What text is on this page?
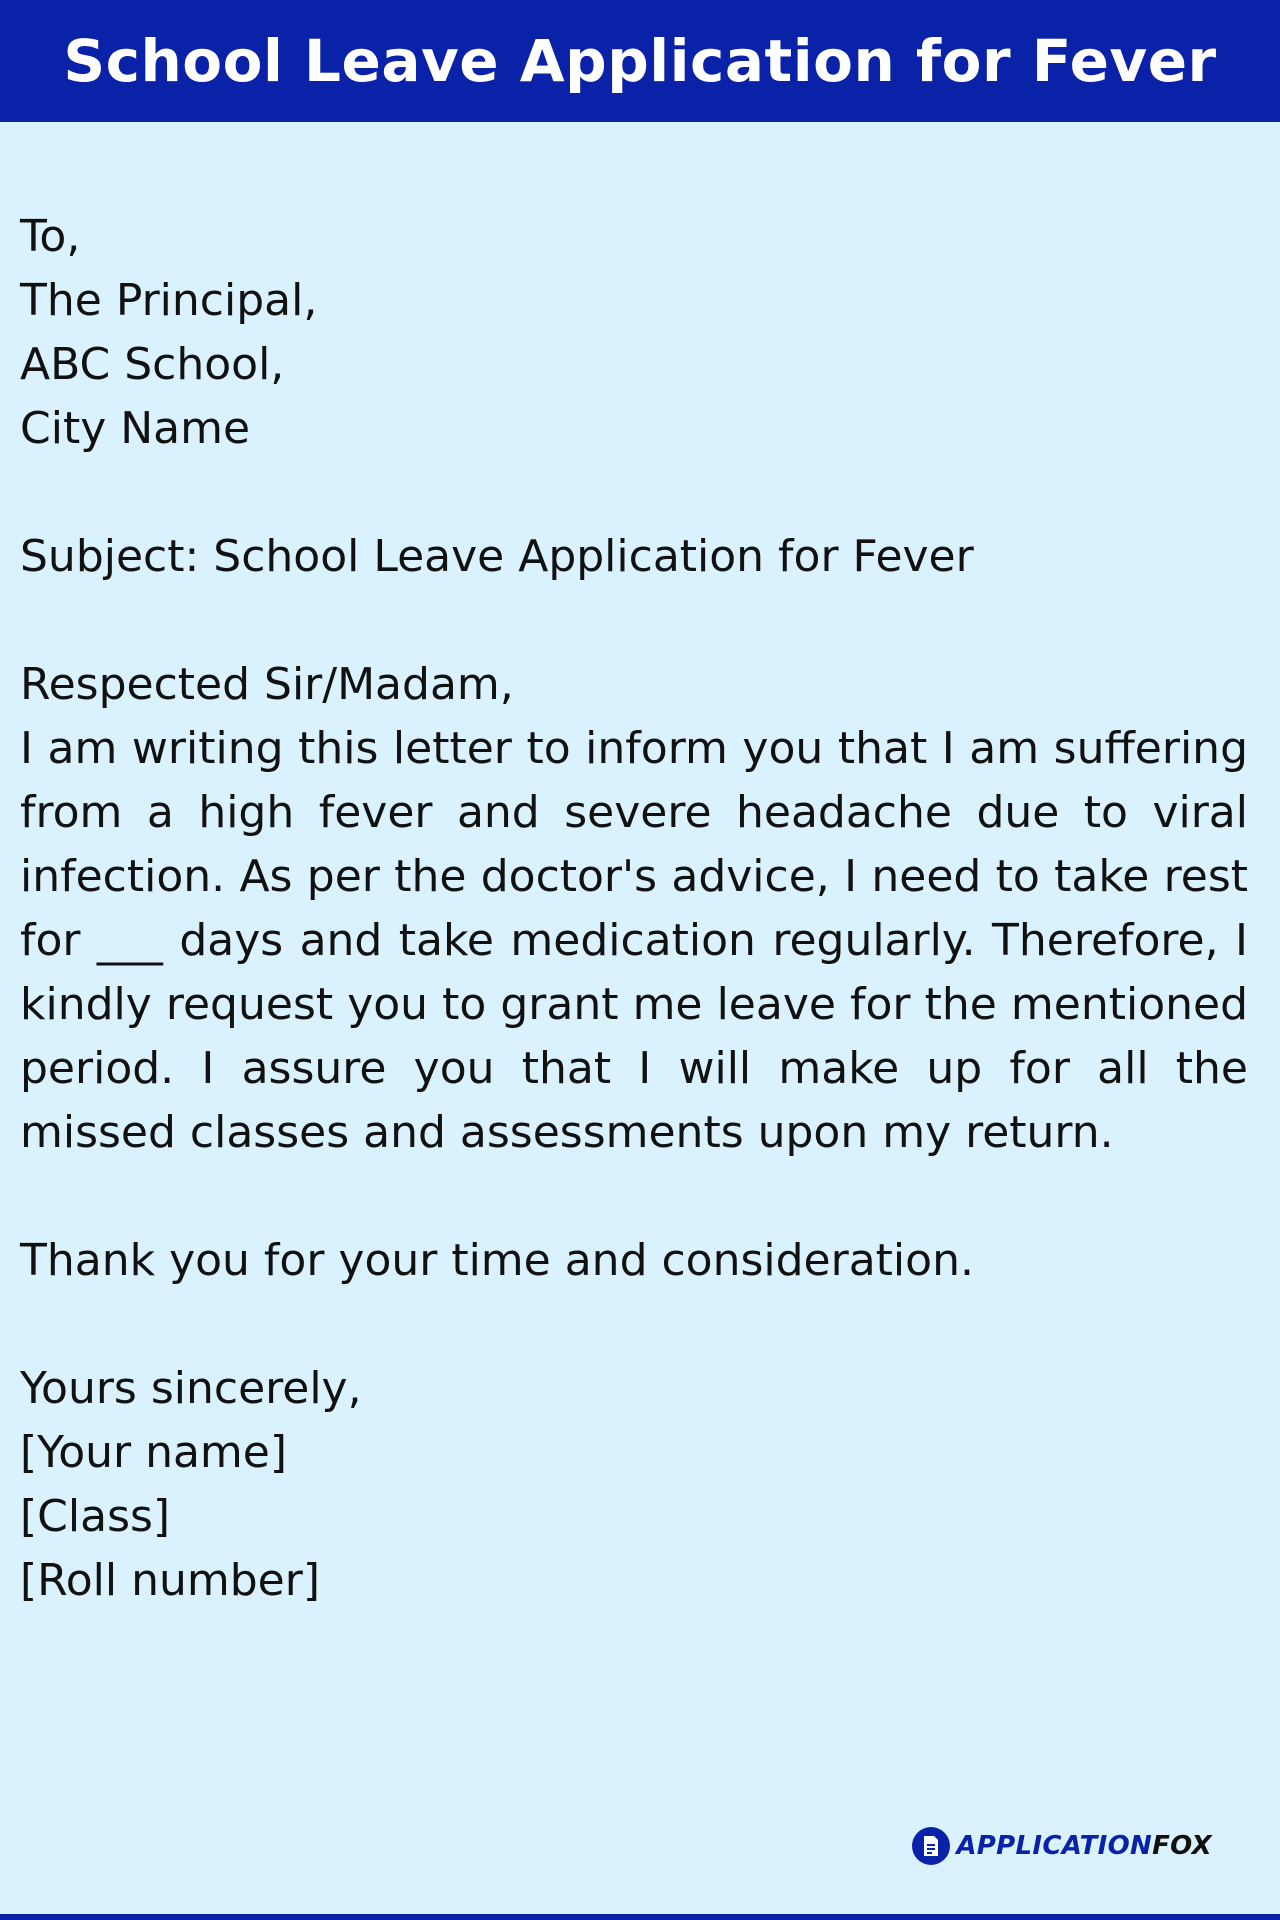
School Leave Application for Fever
To,
The Principal,
ABC School,
City Name
Subject: School Leave Application for Fever
Respected Sir/Madam,
I am writing this letter to inform you that I am suffering from a high fever and severe headache due to viral infection. As per the doctor's advice, I need to take rest for ___ days and take medication regularly. Therefore, I kindly request you to grant me leave for the mentioned period. I assure you that I will make up for all the missed classes and assessments upon my return.
Thank you for your time and consideration.
Yours sincerely,
[Your name]
[Class]
[Roll number]
APPLICATIONFOX
